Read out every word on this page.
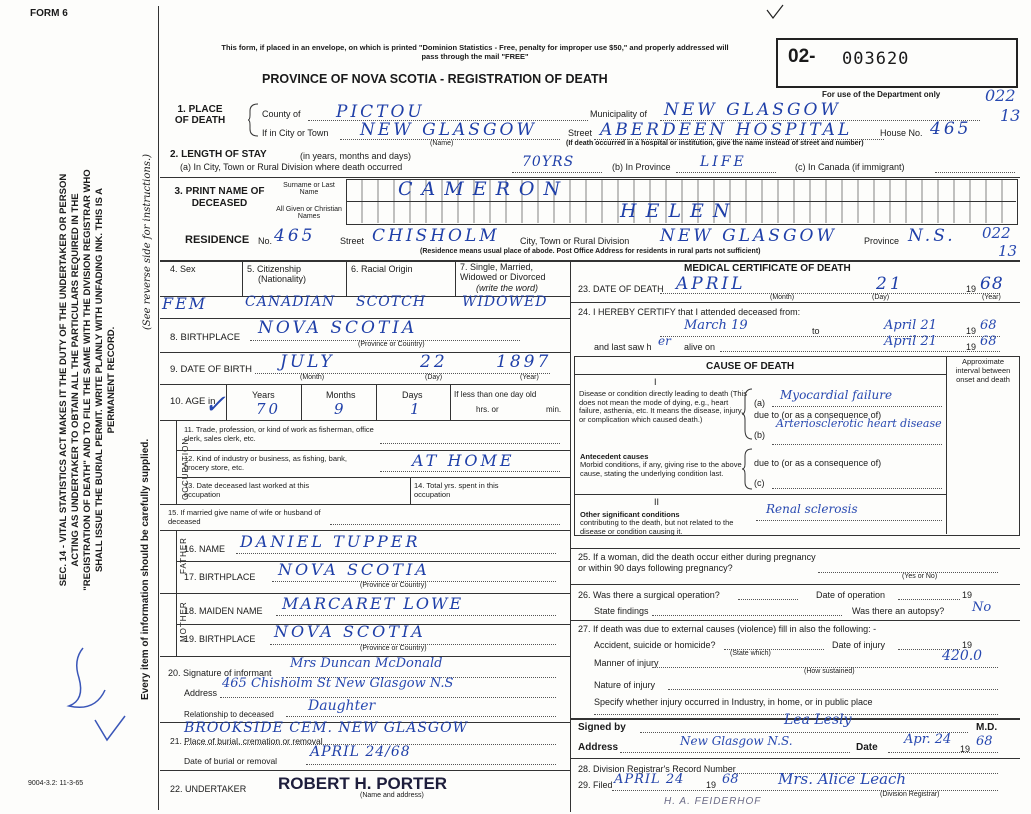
FORM 6
9004-3.2: 11-3-65
SEC. 14 - VITAL STATISTICS ACT MAKES IT THE DUTY OF THE UNDERTAKER OR PERSON ACTING AS UNDERTAKER TO OBTAIN ALL THE PARTICULARS REQUIRED IN THE "REGISTRATION OF DEATH" AND TO FILE THE SAME WITH THE DIVISION REGISTRAR WHO SHALL ISSUE THE BURIAL PERMIT. WRITE PLAINLY WITH UNFADING INK. THIS IS A PERMANENT RECORD.
Every item of information should be carefully supplied.
(See reverse side for instructions.)
This form, if placed in an envelope, on which is printed "Dominion Statistics - Free, penalty for improper use $50," and properly addressed will pass through the mail "FREE"
PROVINCE OF NOVA SCOTIA - REGISTRATION OF DEATH
02- 003620
For use of the Department only	022
13
1. PLACE OF DEATH
County of PICTOU	Municipality of NEW GLASGOW
If in City or Town NEW GLASGOW
(Name)
Street ABERDEEN HOSPITAL	House No. 465
(If death occurred in a hospital or institution, give the name instead of street and number)
2. LENGTH OF STAY	(in years, months and days)
(a) In City, Town or Rural Division where death occurred	70YRS	(b) In Province LIFE	(c) In Canada (if immigrant)
3. PRINT NAME OF DECEASED
Surname or Last Name
All Given or Christian Names
CAMERON
HELEN
RESIDENCE No. 465	Street CHISHOLM City, Town or Rural Division NEW GLASGOW	Province N.S. 022
13
(Residence means usual place of abode. Post Office Address for residents in rural parts not sufficient)
4. Sex	5. Citizenship
(Nationality)
6. Racial Origin	7. Single, Married, Widowed or Divorced
(write the word)
FEM	CANADIAN SCOTCH	WIDOWED
8. BIRTHPLACE NOVA SCOTIA
(Province or Country)
9. DATE OF BIRTH JULY	22	1897
(Month)	(Day)	(Year)
10. AGE in
Years	Months	Days	If less than one day old
hrs. or	min.
70	9	1
✓
OCCUPATION
11. Trade, profession, or kind of work as fisherman, office clerk, sales clerk, etc.
12. Kind of industry or business, as fishing, bank, grocery store, etc.	AT HOME
13. Date deceased last worked at this occupation
14. Total yrs. spent in this occupation
15. If married give name of wife or husband of deceased
FATHER
16. NAME DANIEL TUPPER
17. BIRTHPLACE NOVA SCOTIA
(Province or Country)
MOTHER
18. MAIDEN NAME MARCARET LOWE
19. BIRTHPLACE NOVA SCOTIA
(Province or Country)
20. Signature of informant
Mrs Duncan McDonald
Address
465 Chisholm St New Glasgow N.S
Relationship to deceased
Daughter
BROOKSIDE CEM. NEW GLASGOW
21. Place of burial, cremation or removal
Date of burial or removal
APRIL 24/68
22. UNDERTAKER ROBERT H. PORTER
(Name and address)
MEDICAL CERTIFICATE OF DEATH
23. DATE OF DEATH APRIL	21	19 68
(Month)	(Day)	(Year)
24. I HEREBY CERTIFY that I attended deceased from:
March 19	to	April 21	19 68
and last saw h er alive on	April 21	19 68
CAUSE OF DEATH	Approximate interval between onset and death
I
Disease or condition directly leading to death (This does not mean the mode of dying, e.g., heart failure, asthenia, etc. It means the disease, injury, or complication which caused death.)
(a)
Myocardial failure
due to (or as a consequence of)
(b)
Arteriosclerotic heart disease
Antecedent causes
Morbid conditions, if any, giving rise to the above cause, stating the underlying condition last.
due to (or as a consequence of)
(c)
II
Other significant conditions
contributing to the death, but not related to the disease or condition causing it.
Renal sclerosis
25. If a woman, did the death occur either during pregnancy or within 90 days following pregnancy?
(Yes or No)
26. Was there a surgical operation?	Date of operation	19
State findings	Was there an autopsy? No
27. If death was due to external causes (violence) fill in also the following: -
Accident, suicide or homicide?
(State which)
Date of injury	19
Manner of injury	420.0
(How sustained)
Nature of injury
Specify whether injury occurred in Industry, in home, or in public place
Signed by	Lea Lesly	M.D.
Address	New Glasgow N.S.	Date
Apr. 24
19 68
28. Division Registrar's Record Number
29. Filed APRIL 24 19 68	Mrs. Alice Leach
(Division Registrar)
H. A. FEIDERHOF
